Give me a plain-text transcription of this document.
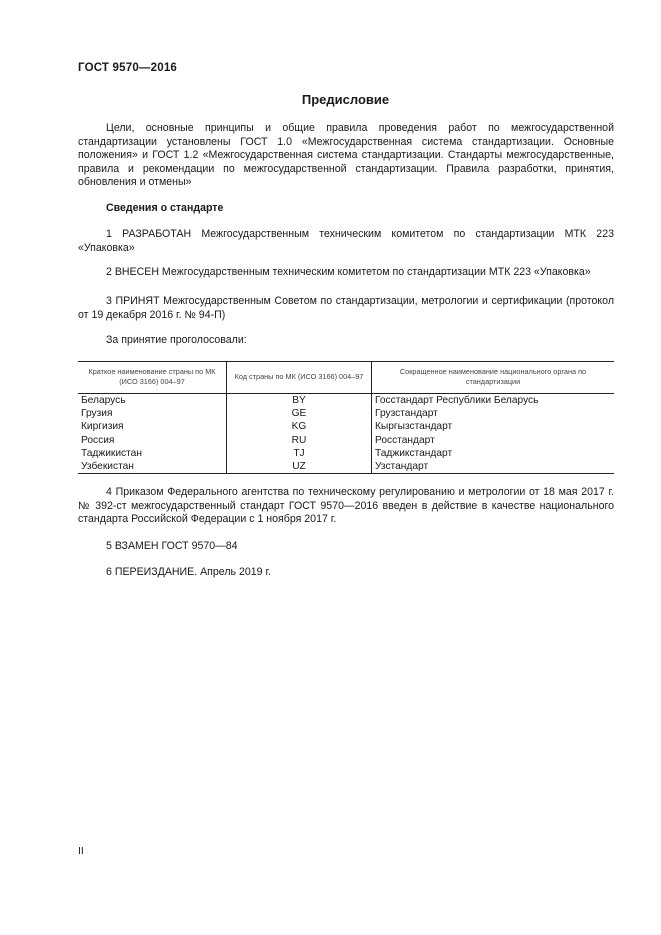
ГОСТ 9570—2016
Предисловие
Цели, основные принципы и общие правила проведения работ по межгосударственной стандартизации установлены ГОСТ 1.0 «Межгосударственная система стандартизации. Основные положения» и ГОСТ 1.2 «Межгосударственная система стандартизации. Стандарты межгосударственные, правила и рекомендации по межгосударственной стандартизации. Правила разработки, принятия, обновления и отмены»
Сведения о стандарте
1 РАЗРАБОТАН Межгосударственным техническим комитетом по стандартизации МТК 223 «Упаковка»
2 ВНЕСЕН Межгосударственным техническим комитетом по стандартизации МТК 223 «Упаковка»
3 ПРИНЯТ Межгосударственным Советом по стандартизации, метрологии и сертификации (протокол от 19 декабря 2016 г. № 94-П)
За принятие проголосовали:
Краткое наименование страны по МК (ИСО 3166) 004–97	Код страны по МК (ИСО 3166) 004–97	Сокращенное наименование национального органа по стандартизации
Беларусь	BY	Госстандарт Республики Беларусь
Грузия	GE	Грузстандарт
Киргизия	KG	Кыргызстандарт
Россия	RU	Росстандарт
Таджикистан	TJ	Таджикстандарт
Узбекистан	UZ	Узстандарт
4 Приказом Федерального агентства по техническому регулированию и метрологии от 18 мая 2017 г. № 392-ст межгосударственный стандарт ГОСТ 9570—2016 введен в действие в качестве национального стандарта Российской Федерации с 1 ноября 2017 г.
5 ВЗАМЕН ГОСТ 9570—84
6 ПЕРЕИЗДАНИЕ. Апрель 2019 г.
II
